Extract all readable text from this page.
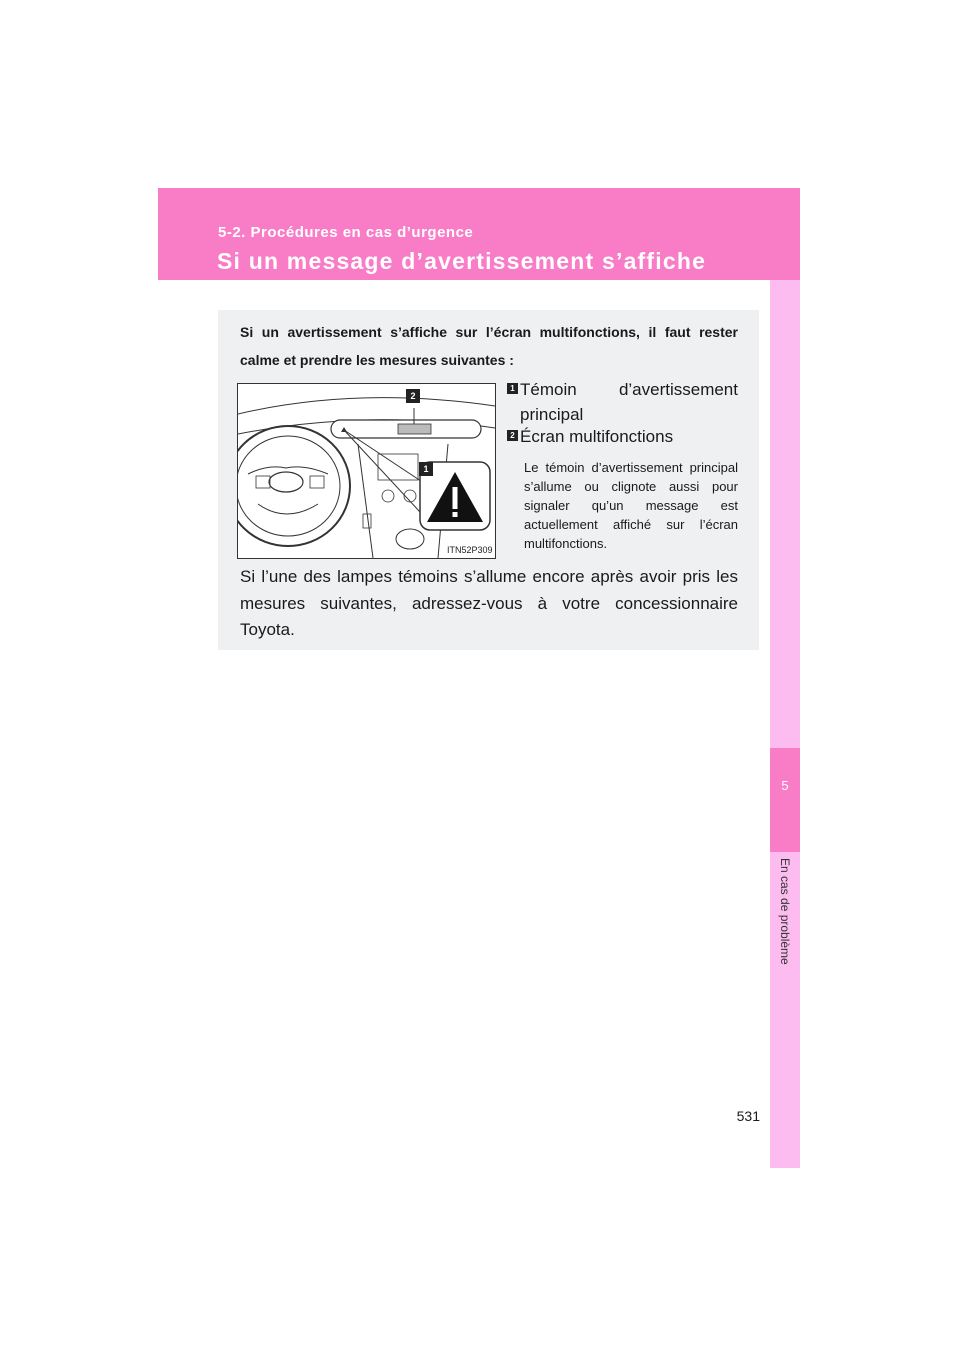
5-2. Procédures en cas d’urgence
Si un message d’avertissement s’affiche
5
En cas de problème
Si un avertissement s’affiche sur l’écran multifonctions, il faut rester calme et prendre les mesures suivantes :
2
1
ITN52P309
1 Témoin d’avertissement
principal
2 Écran multifonctions
Le témoin d’avertissement principal s’allume ou clignote aussi pour signaler qu’un message est actuellement affiché sur l’écran multifonctions.
Si l’une des lampes témoins s’allume encore après avoir pris les mesures suivantes, adressez-vous à votre concessionnaire Toyota.
531
